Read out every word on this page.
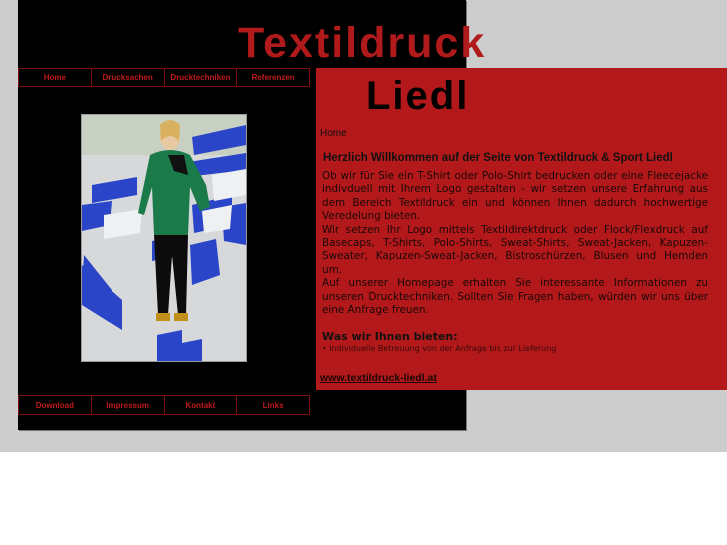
Textildruck
Home	Drucksachen	Drucktechniken	Referenzen
Download	Impressum	Kontakt	Links
Liedl
Home
Herzlich Willkommen auf der Seite von Textildruck & Sport Liedl

Ob wir für Sie ein T-Shirt oder Polo-Shirt bedrucken oder eine Fleecejacke indivduell mit Ihrem Logo gestalten - wir setzen unsere Erfahrung aus dem Bereich Textildruck ein und können Ihnen dadurch hochwertige Veredelung bieten.

Wir setzen Ihr Logo mittels Textildirektdruck oder Flock/Flexdruck auf Basecaps, T-Shirts, Polo-Shirts, Sweat-Shirts, Sweat-Jacken, Kapuzen-Sweater, Kapuzen-Sweat-Jacken, Bistroschürzen, Blusen und Hemden um.

Auf unserer Homepage erhalten Sie interessante Informationen zu unseren Drucktechniken. Sollten Sie Fragen haben, würden wir uns über eine Anfrage freuen.

Was wir Ihnen bieten:
• individuelle Betreuung von der Anfrage bis zur Lieferung
www.textildruck-liedl.at
